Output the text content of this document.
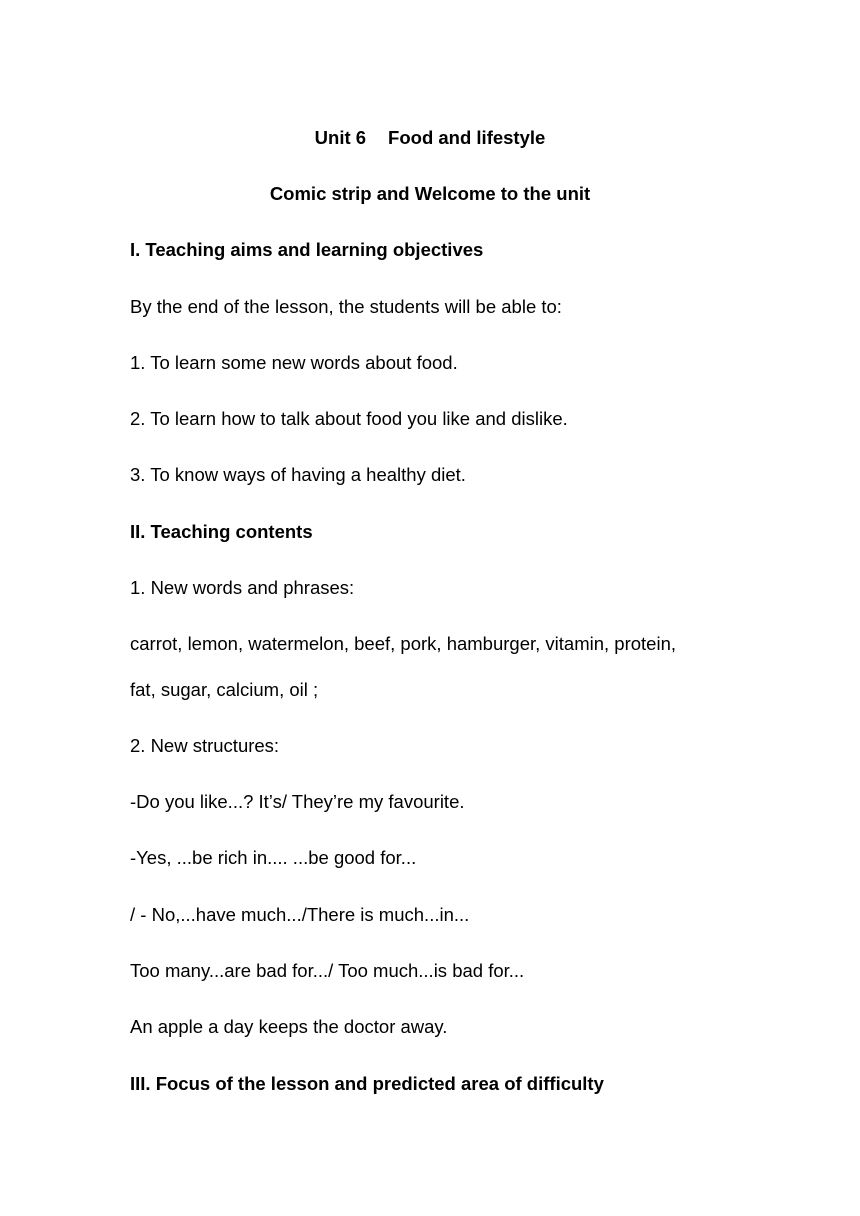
Unit 6 Food and lifestyle
Comic strip and Welcome to the unit
I. Teaching aims and learning objectives
By the end of the lesson, the students will be able to:
1. To learn some new words about food.
2. To learn how to talk about food you like and dislike.
3. To know ways of having a healthy diet.
II. Teaching contents
1. New words and phrases:
carrot, lemon, watermelon, beef, pork, hamburger, vitamin, protein,
fat, sugar, calcium, oil ;
2. New structures:
-Do you like...? It’s/ They’re my favourite.
-Yes, ...be rich in.... ...be good for...
/ - No,...have much.../There is much...in...
Too many...are bad for.../ Too much...is bad for...
An apple a day keeps the doctor away.
III. Focus of the lesson and predicted area of difficulty
